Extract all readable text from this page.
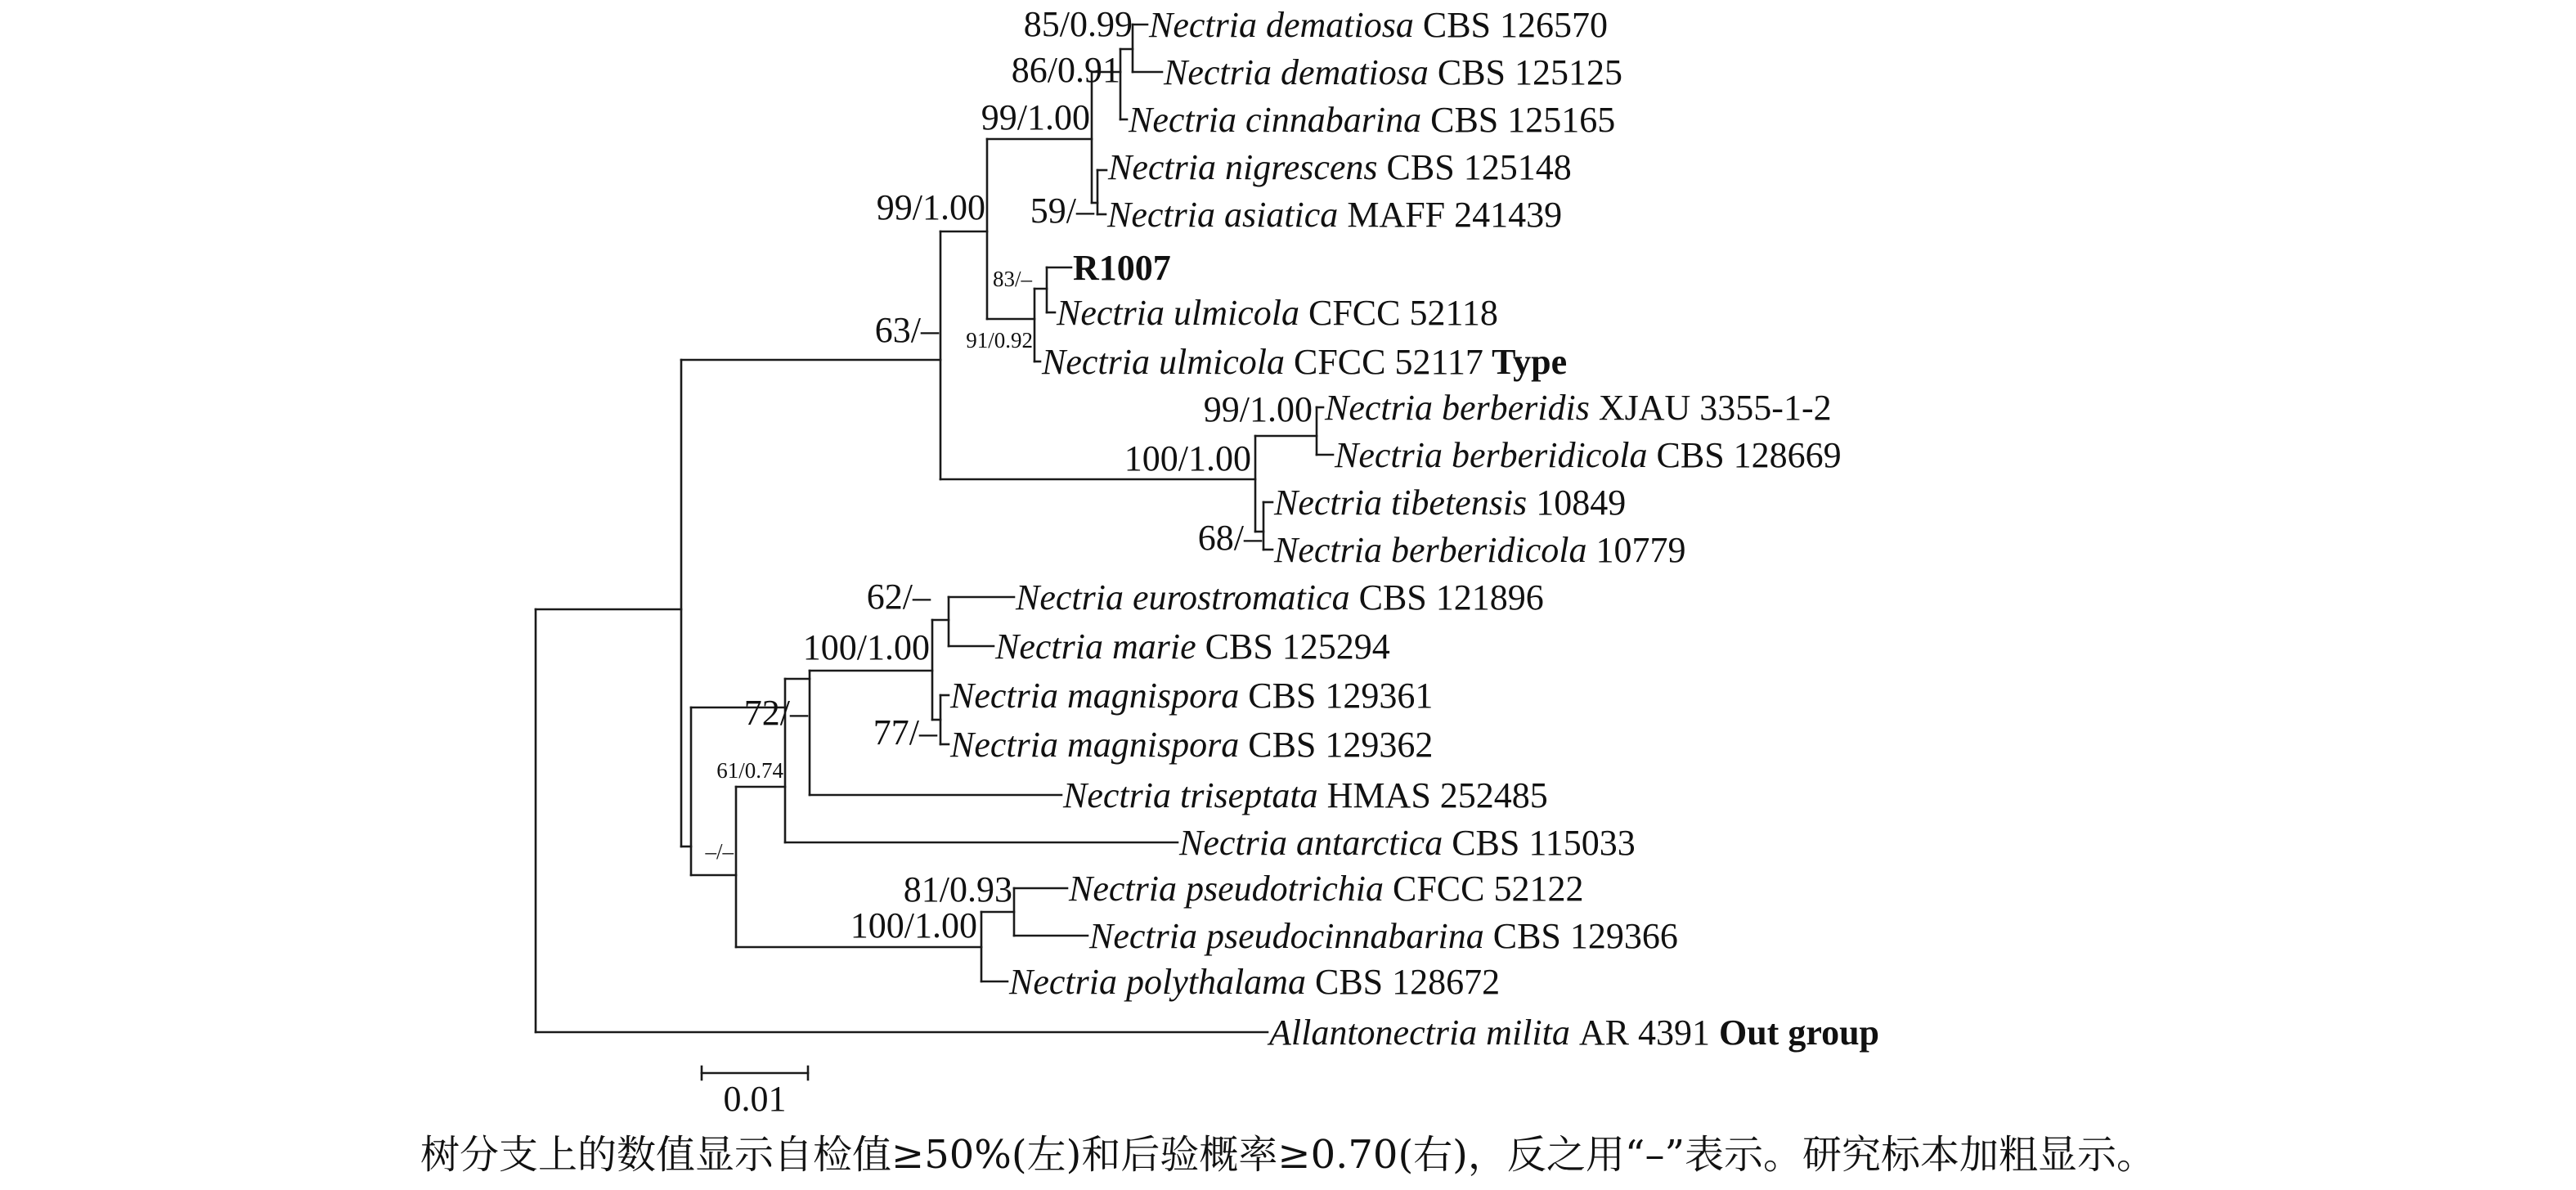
Nectria dematiosa CBS 126570
Nectria dematiosa CBS 125125
Nectria cinnabarina CBS 125165
Nectria nigrescens CBS 125148
Nectria asiatica MAFF 241439
R1007
Nectria ulmicola CFCC 52118
Nectria ulmicola CFCC 52117 Type
Nectria berberidis XJAU 3355-1-2
Nectria berberidicola CBS 128669
Nectria tibetensis 10849
Nectria berberidicola 10779
Nectria eurostromatica CBS 121896
Nectria marie CBS 125294
Nectria magnispora CBS 129361
Nectria magnispora CBS 129362
Nectria triseptata HMAS 252485
Nectria antarctica CBS 115033
Nectria pseudotrichia CFCC 52122
Nectria pseudocinnabarina CBS 129366
Nectria polythalama CBS 128672
Allantonectria milita AR 4391 Out group
85/0.99
86/0.91
99/1.00
59/–
99/1.00
83/–
91/0.92
63/–
99/1.00
100/1.00
68/–
62/–
100/1.00
77/–
72/–
61/0.74
–/–
81/0.93
100/1.00
0.01
树分支上的数值显示自检值≥50%(左)和后验概率≥0.70(右)，反之用“–”表示。研究标本加粗显示。
